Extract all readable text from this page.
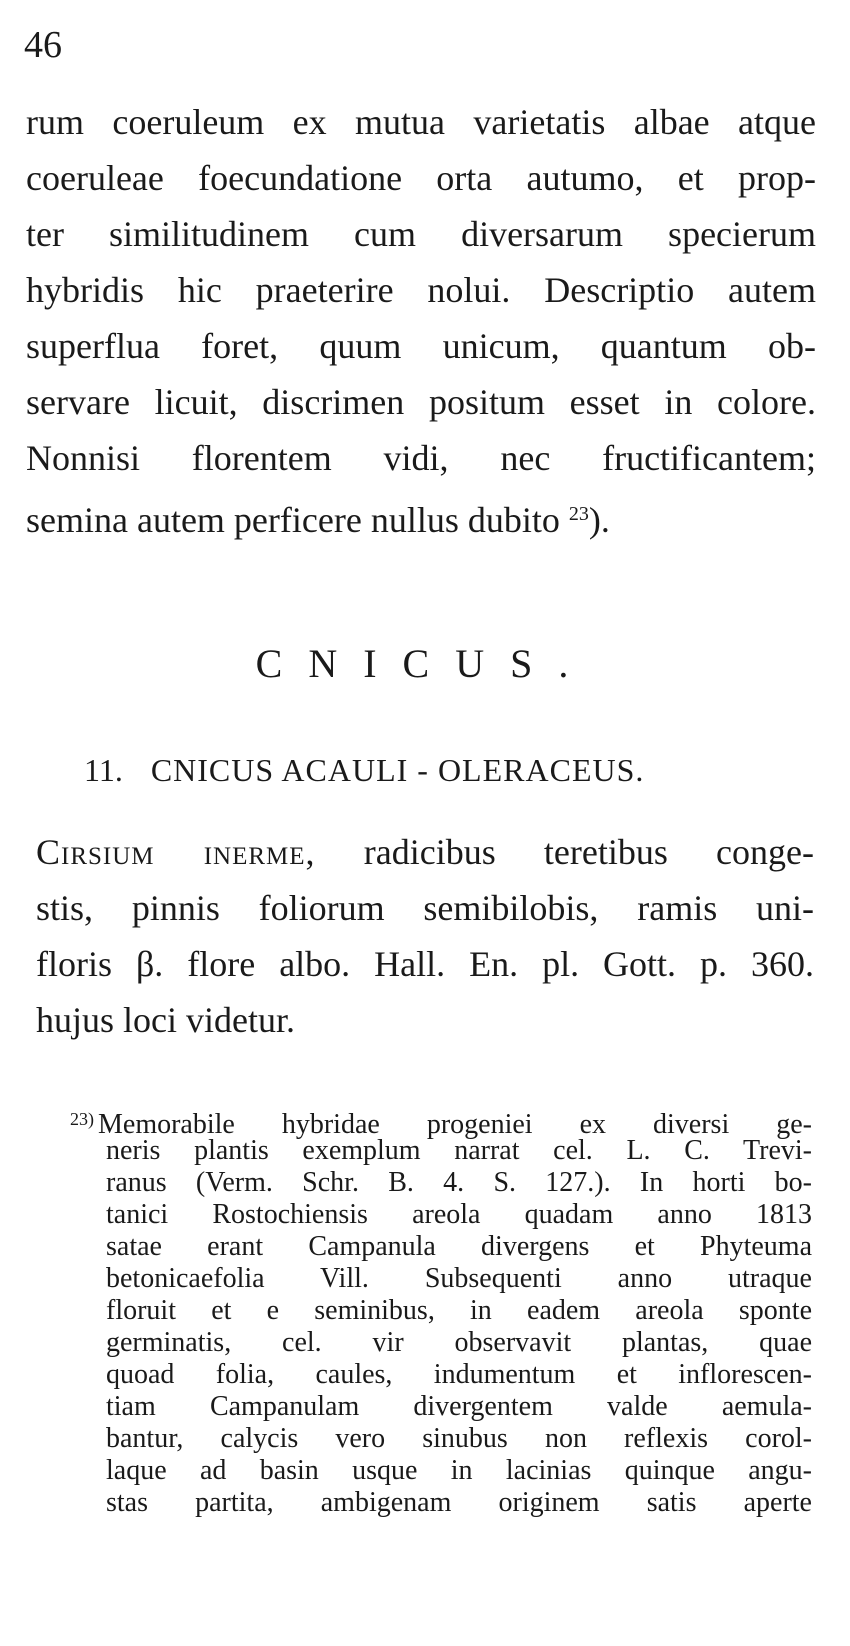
46
rum coeruleum ex mutua varietatis albae atque
coeruleae foecundatione orta autumo, et prop-
ter similitudinem cum diversarum specierum
hybridis hic praeterire nolui. Descriptio autem
superflua foret, quum unicum, quantum ob-
servare licuit, discrimen positum esset in colore.
Nonnisi florentem vidi, nec fructificantem;
semina autem perficere nullus dubito $^{23}$).
CNICUS.
11. CNICUS ACAULI - OLERACEUS.
Cirsium inerme, radicibus teretibus conge-
stis, pinnis foliorum semibilobis, ramis uni-
floris β. flore albo. Hall. En. pl. Gott. p. 360.
hujus loci videtur.
$^{23)}$ Memorabile hybridae progeniei ex diversi ge-
neris plantis exemplum narrat cel. L. C. Trevi-
ranus (Verm. Schr. B. 4. S. 127.). In horti bo-
tanici Rostochiensis areola quadam anno 1813
satae erant Campanula divergens et Phyteuma
betonicaefolia Vill. Subsequenti anno utraque
floruit et e seminibus, in eadem areola sponte
germinatis, cel. vir observavit plantas, quae
quoad folia, caules, indumentum et inflorescen-
tiam Campanulam divergentem valde aemula-
bantur, calycis vero sinubus non reflexis corol-
laque ad basin usque in lacinias quinque angu-
stas partita, ambigenam originem satis aperte
